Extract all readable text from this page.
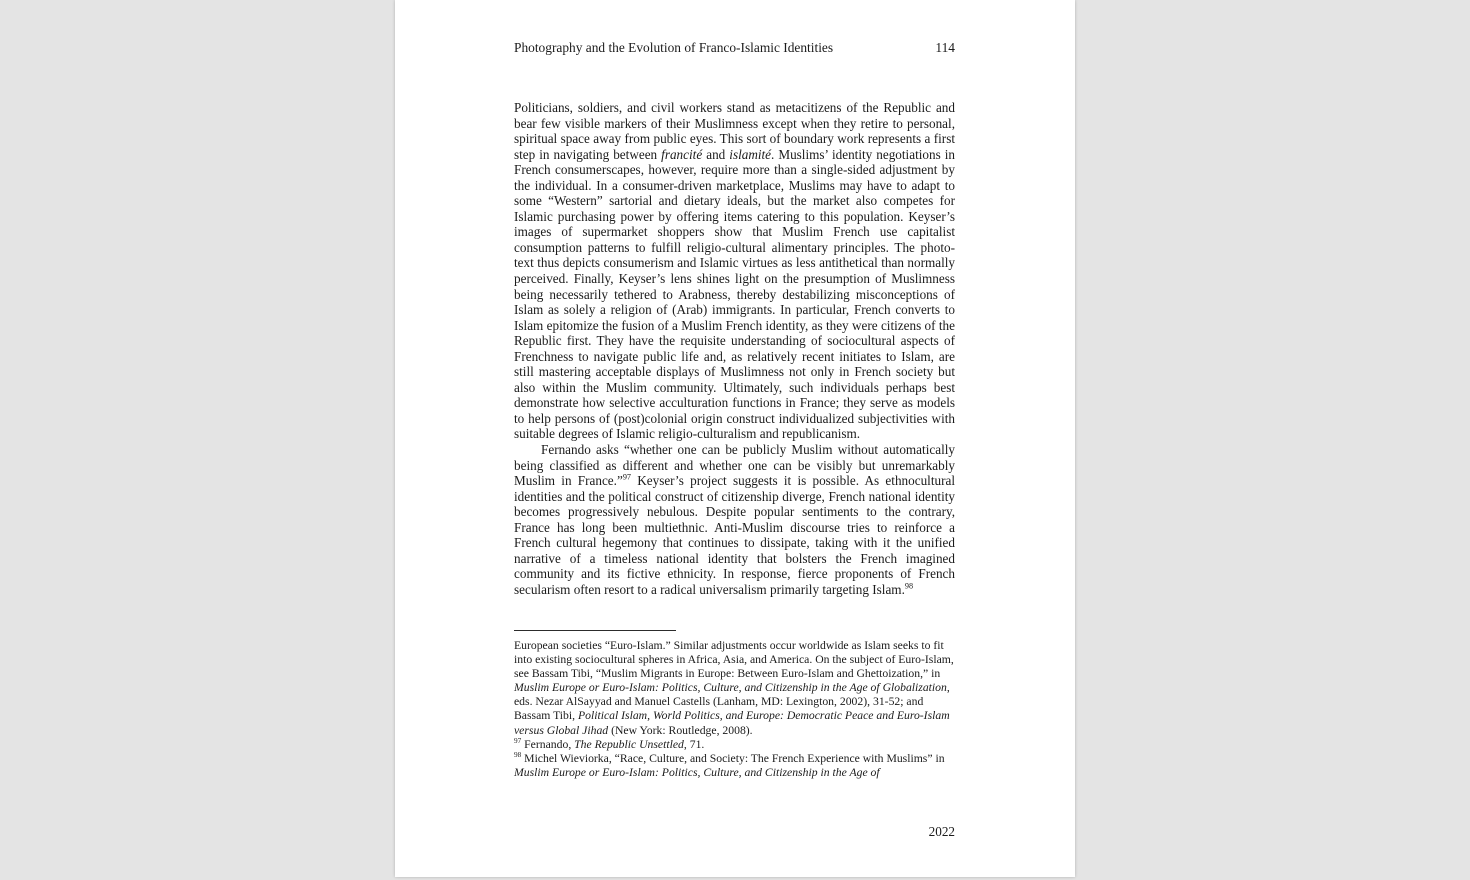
Photography and the Evolution of Franco-Islamic Identities	114

Politicians, soldiers, and civil workers stand as metacitizens of the Republic and bear few visible markers of their Muslimness except when they retire to personal, spiritual space away from public eyes. This sort of boundary work represents a first step in navigating between francité and islamité. Muslims’ identity negotiations in French consumerscapes, however, require more than a single-sided adjustment by the individual. In a consumer-driven marketplace, Muslims may have to adapt to some “Western” sartorial and dietary ideals, but the market also competes for Islamic purchasing power by offering items catering to this population. Keyser’s images of supermarket shoppers show that Muslim French use capitalist consumption patterns to fulfill religio-cultural alimentary principles. The photo-text thus depicts consumerism and Islamic virtues as less antithetical than normally perceived. Finally, Keyser’s lens shines light on the presumption of Muslimness being necessarily tethered to Arabness, thereby destabilizing misconceptions of Islam as solely a religion of (Arab) immigrants. In particular, French converts to Islam epitomize the fusion of a Muslim French identity, as they were citizens of the Republic first. They have the requisite understanding of sociocultural aspects of Frenchness to navigate public life and, as relatively recent initiates to Islam, are still mastering acceptable displays of Muslimness not only in French society but also within the Muslim community. Ultimately, such individuals perhaps best demonstrate how selective acculturation functions in France; they serve as models to help persons of (post)colonial origin construct individualized subjectivities with suitable degrees of Islamic religio-culturalism and republicanism.

Fernando asks “whether one can be publicly Muslim without automatically being classified as different and whether one can be visibly but unremarkably Muslim in France.”$^{97}$ Keyser’s project suggests it is possible. As ethnocultural identities and the political construct of citizenship diverge, French national identity becomes progressively nebulous. Despite popular sentiments to the contrary, France has long been multiethnic. Anti-Muslim discourse tries to reinforce a French cultural hegemony that continues to dissipate, taking with it the unified narrative of a timeless national identity that bolsters the French imagined community and its fictive ethnicity. In response, fierce proponents of French secularism often resort to a radical universalism primarily targeting Islam.$^{98}$

European societies “Euro-Islam.” Similar adjustments occur worldwide as Islam seeks to fit into existing sociocultural spheres in Africa, Asia, and America. On the subject of Euro-Islam, see Bassam Tibi, “Muslim Migrants in Europe: Between Euro-Islam and Ghettoization,” in Muslim Europe or Euro-Islam: Politics, Culture, and Citizenship in the Age of Globalization, eds. Nezar AlSayyad and Manuel Castells (Lanham, MD: Lexington, 2002), 31-52; and Bassam Tibi, Political Islam, World Politics, and Europe: Democratic Peace and Euro-Islam versus Global Jihad (New York: Routledge, 2008).

$^{97}$ Fernando, The Republic Unsettled, 71.

$^{98}$ Michel Wieviorka, “Race, Culture, and Society: The French Experience with Muslims” in Muslim Europe or Euro-Islam: Politics, Culture, and Citizenship in the Age of

2022
